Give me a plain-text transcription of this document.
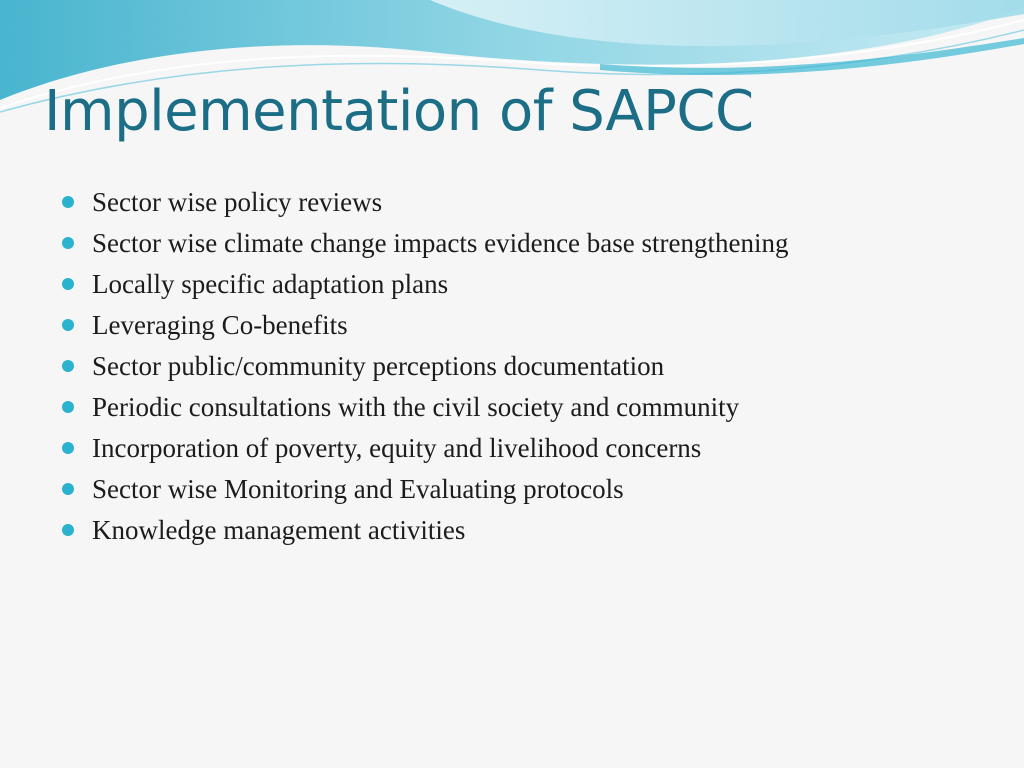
Implementation of SAPCC
Sector wise policy reviews
Sector wise climate change impacts evidence base strengthening
Locally specific adaptation plans
Leveraging Co-benefits
Sector public/community perceptions documentation
Periodic consultations with the civil society and community
Incorporation of poverty, equity and livelihood concerns
Sector wise Monitoring and Evaluating protocols
Knowledge management activities
